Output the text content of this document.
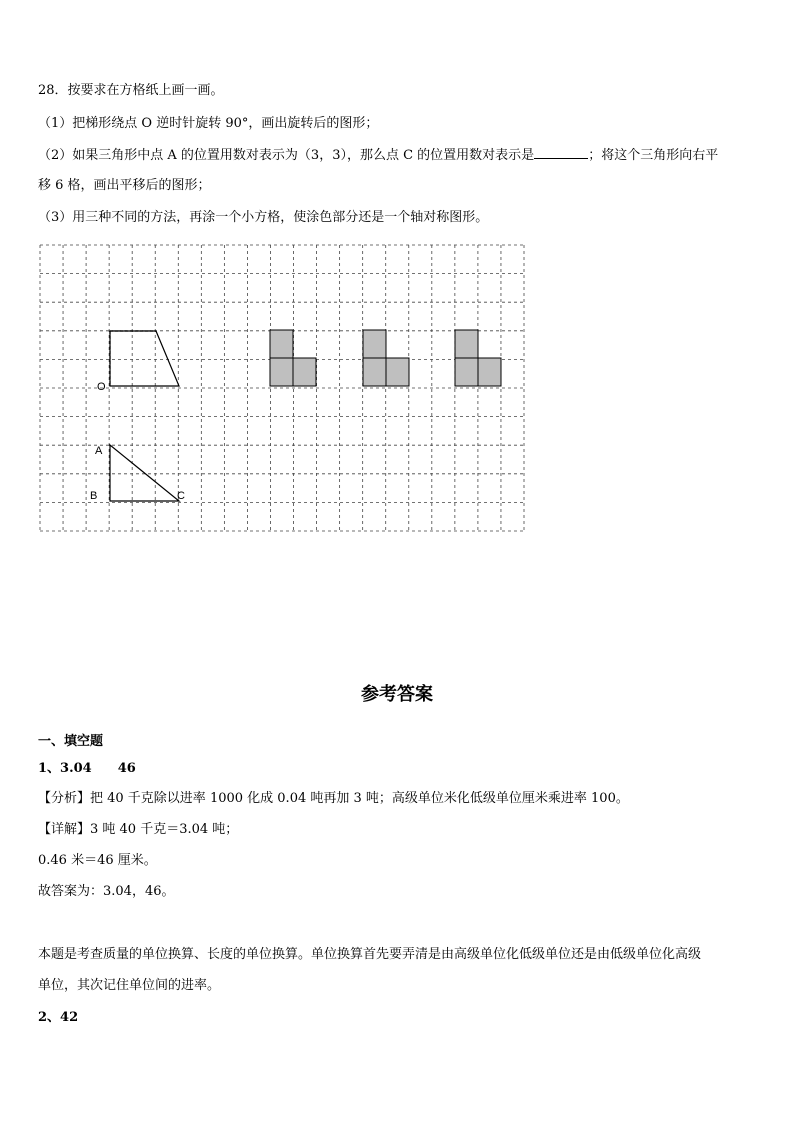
28．按要求在方格纸上画一画。
（1）把梯形绕点 O 逆时针旋转 90°，画出旋转后的图形；
（2）如果三角形中点 A 的位置用数对表示为（3，3），那么点 C 的位置用数对表示是	；将这个三角形向右平
移 6 格，画出平移后的图形；
（3）用三种不同的方法，再涂一个小方格，使涂色部分还是一个轴对称图形。
O
A
B	C
参考答案
一、填空题
1、3.04　　46
【分析】把 40 千克除以进率 1000 化成 0.04 吨再加 3 吨；高级单位米化低级单位厘米乘进率 100。
【详解】3 吨 40 千克＝3.04 吨；
0.46 米＝46 厘米。
故答案为：3.04，46。
本题是考查质量的单位换算、长度的单位换算。单位换算首先要弄清是由高级单位化低级单位还是由低级单位化高级
单位，其次记住单位间的进率。
2、42
